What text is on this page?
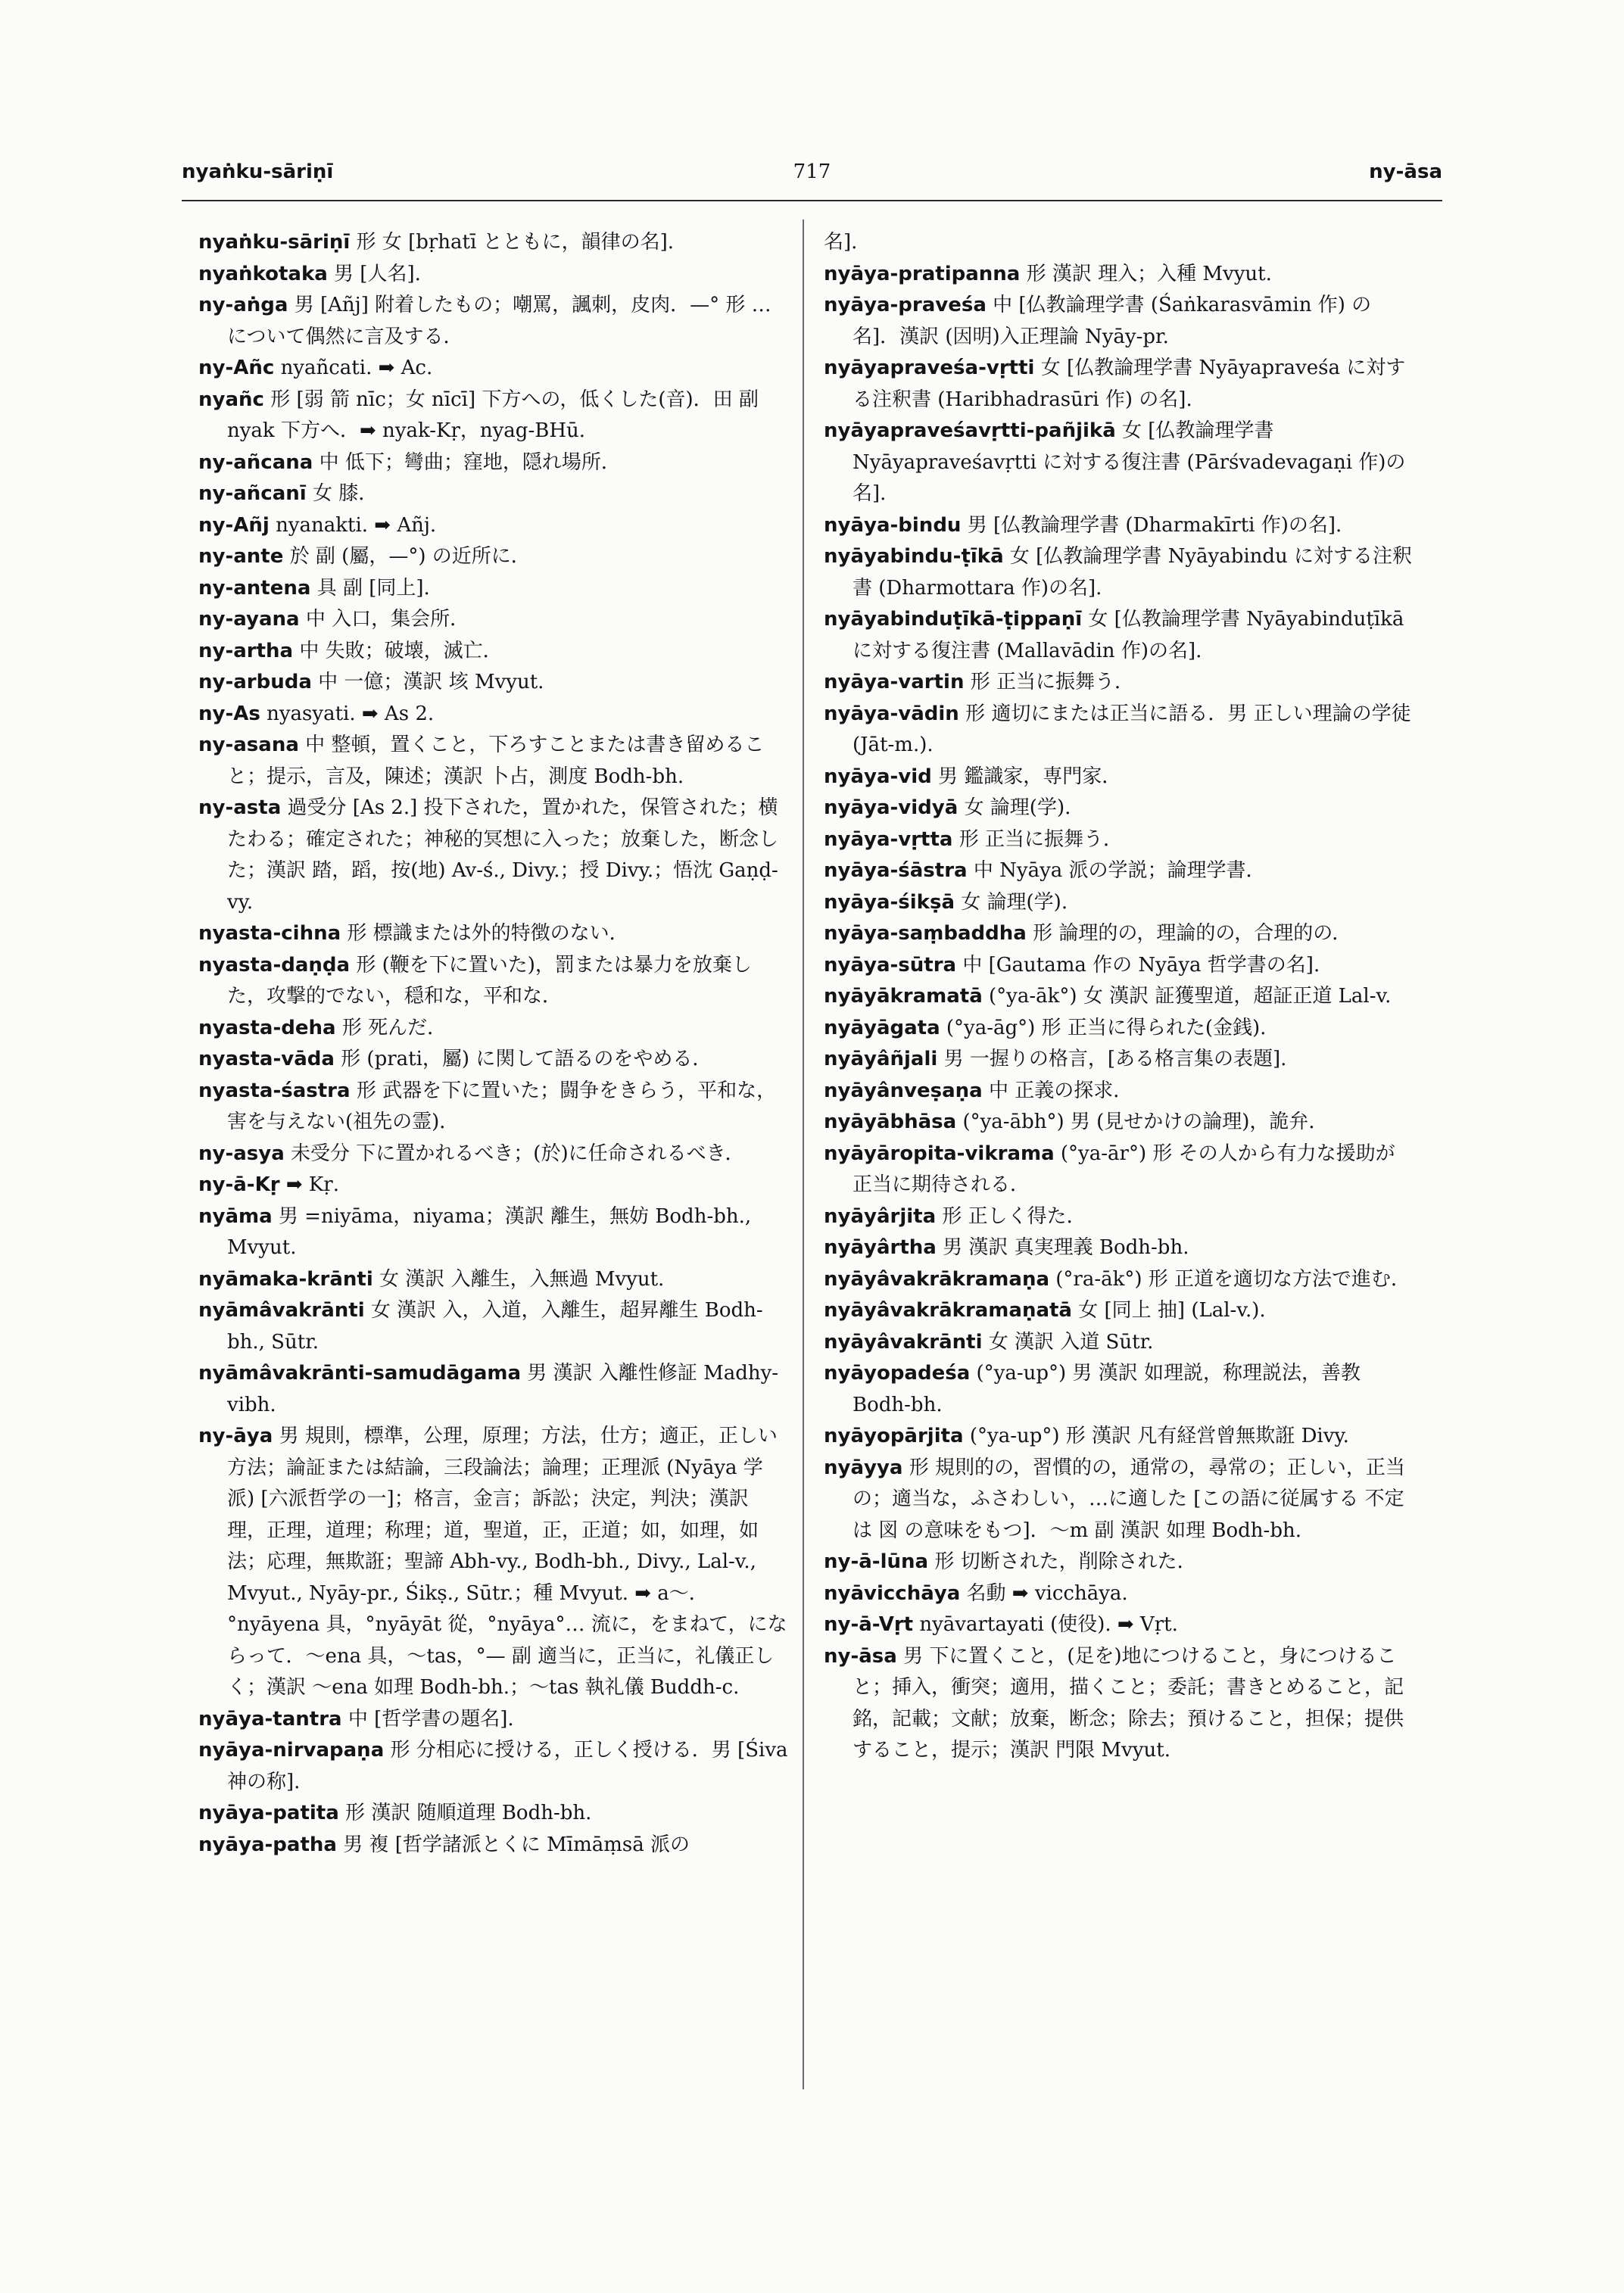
nyaṅku-sāriṇī	717	ny-āsa

nyaṅku-sāriṇī 形 女 [bṛhatī とともに，韻律の名].

nyaṅkotaka 男 [人名].

ny-aṅga 男 [Añj] 附着したもの；嘲罵，諷刺，皮肉．—° 形 …について偶然に言及する．

ny-Añc nyañcati. ➡ Ac.

nyañc 形 [弱 箭 nīc；女 nīcī] 下方への，低くした(音)．田 副 nyak 下方へ．➡ nyak-Kṛ，nyag-BHū.

ny-añcana 中 低下；彎曲；窪地，隠れ場所．

ny-añcanī 女 膝．

ny-Añj nyanakti. ➡ Añj.

ny-ante 於 副 (屬，—°) の近所に．

ny-antena 具 副 [同上].

ny-ayana 中 入口，集会所．

ny-artha 中 失敗；破壊，滅亡．

ny-arbuda 中 一億；漢訳 垓 Mvyut.

ny-As nyasyati. ➡ As 2.

ny-asana 中 整頓，置くこと，下ろすことまたは書き留めること；提示，言及，陳述；漢訳 卜占，測度 Bodh-bh.

ny-asta 過受分 [As 2.] 投下された，置かれた，保管された；横たわる；確定された；神秘的冥想に入った；放棄した，断念した；漢訳 踏，蹈，按(地) Av-ś., Divy.；授 Divy.；悟沈 Gaṇḍ-vy.

nyasta-cihna 形 標識または外的特徴のない．

nyasta-daṇḍa 形 (鞭を下に置いた)，罰または暴力を放棄した，攻撃的でない，穏和な，平和な．

nyasta-deha 形 死んだ．

nyasta-vāda 形 (prati，屬) に関して語るのをやめる．

nyasta-śastra 形 武器を下に置いた；闘争をきらう，平和な，害を与えない(祖先の霊)．

ny-asya 未受分 下に置かれるべき；(於)に任命されるべき．

ny-ā-Kṛ ➡ Kṛ.

nyāma 男 =niyāma，niyama；漢訳 離生，無妨 Bodh-bh., Mvyut.

nyāmaka-krānti 女 漢訳 入離生，入無過 Mvyut.

nyāmâvakrānti 女 漢訳 入，入道，入離生，超昇離生 Bodh-bh., Sūtr.

nyāmâvakrānti-samudāgama 男 漢訳 入離性修証 Madhy-vibh.

ny-āya 男 規則，標準，公理，原理；方法，仕方；適正，正しい方法；論証または結論，三段論法；論理；正理派 (Nyāya 学派) [六派哲学の一]；格言，金言；訴訟；決定，判決；漢訳 理，正理，道理；称理；道，聖道，正，正道；如，如理，如法；応理，無欺誑；聖諦 Abh-vy., Bodh-bh., Divy., Lal-v., Mvyut., Nyāy-pr., Śikṣ., Sūtr.；種 Mvyut. ➡ a～．°nyāyena 具，°nyāyāt 從，°nyāya°… 流に，をまねて，にならって．～ena 具，～tas，°— 副 適当に，正当に，礼儀正しく；漢訳 ～ena 如理 Bodh-bh.；～tas 執礼儀 Buddh-c.

nyāya-tantra 中 [哲学書の題名].

nyāya-nirvapaṇa 形 分相応に授ける，正しく授ける．男 [Śiva 神の称].

nyāya-patita 形 漢訳 随順道理 Bodh-bh.

nyāya-patha 男 複 [哲学諸派とくに Mīmāṃsā 派の

名].

nyāya-pratipanna 形 漢訳 理入；入種 Mvyut.

nyāya-praveśa 中 [仏教論理学書 (Śaṅkarasvāmin 作) の名]．漢訳 (因明)入正理論 Nyāy-pr.

nyāyapraveśa-vṛtti 女 [仏教論理学書 Nyāyapraveśa に対する注釈書 (Haribhadrasūri 作) の名].

nyāyapraveśavṛtti-pañjikā 女 [仏教論理学書 Nyāyapraveśavṛtti に対する復注書 (Pārśvadevagaṇi 作)の名].

nyāya-bindu 男 [仏教論理学書 (Dharmakīrti 作)の名].

nyāyabindu-ṭīkā 女 [仏教論理学書 Nyāyabindu に対する注釈書 (Dharmottara 作)の名].

nyāyabinduṭīkā-ṭippaṇī 女 [仏教論理学書 Nyāyabinduṭīkā に対する復注書 (Mallavādin 作)の名].

nyāya-vartin 形 正当に振舞う．

nyāya-vādin 形 適切にまたは正当に語る．男 正しい理論の学徒 (Jāt-m.).

nyāya-vid 男 鑑識家，専門家．

nyāya-vidyā 女 論理(学).

nyāya-vṛtta 形 正当に振舞う．

nyāya-śāstra 中 Nyāya 派の学説；論理学書．

nyāya-śikṣā 女 論理(学).

nyāya-saṃbaddha 形 論理的の，理論的の，合理的の．

nyāya-sūtra 中 [Gautama 作の Nyāya 哲学書の名].

nyāyākramatā (°ya-āk°) 女 漢訳 証獲聖道，超証正道 Lal-v.

nyāyāgata (°ya-āg°) 形 正当に得られた(金銭).

nyāyâñjali 男 一握りの格言，[ある格言集の表題].

nyāyânveṣaṇa 中 正義の探求．

nyāyābhāsa (°ya-ābh°) 男 (見せかけの論理)，詭弁．

nyāyāropita-vikrama (°ya-ār°) 形 その人から有力な援助が正当に期待される．

nyāyârjita 形 正しく得た．

nyāyârtha 男 漢訳 真実理義 Bodh-bh.

nyāyâvakrākramaṇa (°ra-āk°) 形 正道を適切な方法で進む．

nyāyâvakrākramaṇatā 女 [同上 抽] (Lal-v.).

nyāyâvakrānti 女 漢訳 入道 Sūtr.

nyāyopadeśa (°ya-up°) 男 漢訳 如理説，称理説法，善教 Bodh-bh.

nyāyopārjita (°ya-up°) 形 漢訳 凡有経営曾無欺誑 Divy.

nyāyya 形 規則的の，習慣的の，通常の，尋常の；正しい，正当の；適当な，ふさわしい，…に適した [この語に従属する 不定 は 図 の意味をもつ]．～m 副 漢訳 如理 Bodh-bh.

ny-ā-lūna 形 切断された，削除された．

nyāvicchāya 名動 ➡ vicchāya.

ny-ā-Vṛt nyāvartayati (使役). ➡ Vṛt.

ny-āsa 男 下に置くこと，(足を)地につけること，身につけること；挿入，衝突；適用，描くこと；委託；書きとめること，記銘，記載；文献；放棄，断念；除去；預けること，担保；提供すること，提示；漢訳 門限 Mvyut.
